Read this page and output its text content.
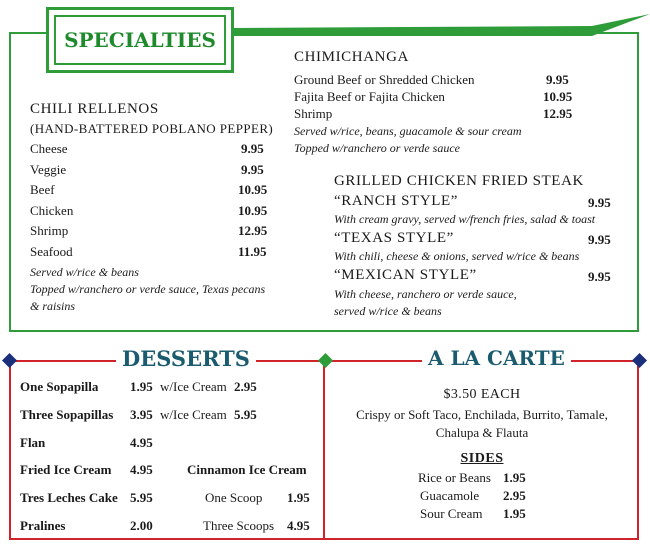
SPECIALTIES
CHILI RELLENOS
(HAND-BATTERED POBLANO PEPPER)
Cheese	9.95
Veggie	9.95
Beef	10.95
Chicken	10.95
Shrimp	12.95
Seafood	11.95
Served w/rice & beans
Topped w/ranchero or verde sauce, Texas pecans
& raisins
CHIMICHANGA
Ground Beef or Shredded Chicken	9.95
Fajita Beef or Fajita Chicken	10.95
Shrimp	12.95
Served w/rice, beans, guacamole & sour cream
Topped w/ranchero or verde sauce
GRILLED CHICKEN FRIED STEAK
“RANCH STYLE”	9.95
With cream gravy, served w/french fries, salad & toast
“TEXAS STYLE”	9.95
With chili, cheese & onions, served w/rice & beans
“MEXICAN STYLE”	9.95
With cheese, ranchero or verde sauce,
served w/rice & beans
DESSERTS
One Sopapilla 1.95 w/Ice Cream 2.95
Three Sopapillas 3.95 w/Ice Cream 5.95
Flan	4.95
Fried Ice Cream 4.95
Tres Leches Cake 5.95
Pralines	2.00
Cinnamon Ice Cream
One Scoop 1.95
Three Scoops 4.95
A LA CARTE
$3.50 EACH
Crispy or Soft Taco, Enchilada, Burrito, Tamale,
Chalupa & Flauta
SIDES
Rice or Beans 1.95
Guacamole 2.95
Sour Cream 1.95
